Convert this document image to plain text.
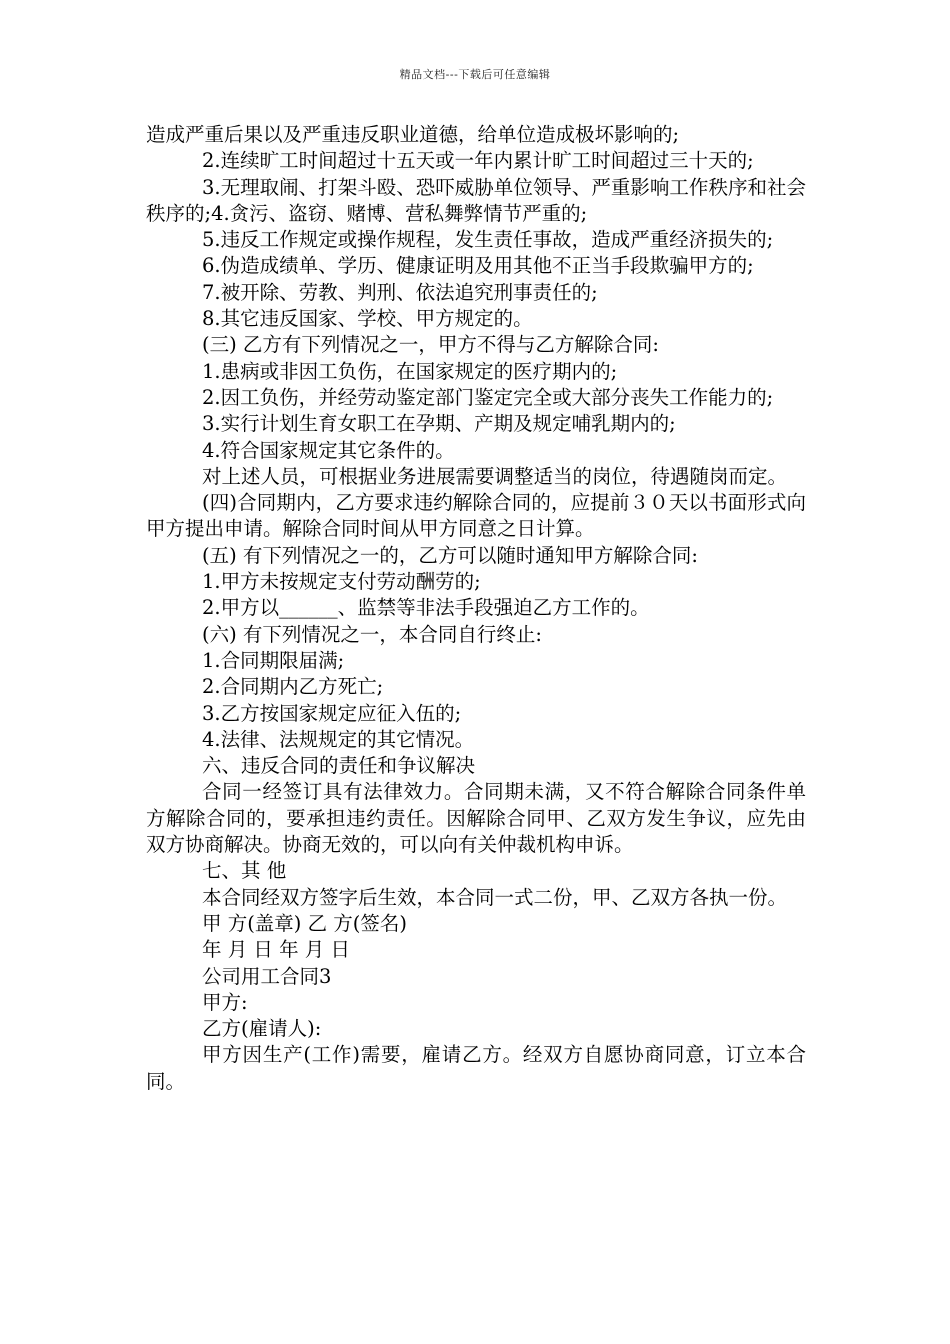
精品文档---下载后可任意编辑

造成严重后果以及严重违反职业道德，给单位造成极坏影响的;

2.连续旷工时间超过十五天或一年内累计旷工时间超过三十天的;

3.无理取闹、打架斗殴、恐吓威胁单位领导、严重影响工作秩序和社会秩序的;4.贪污、盗窃、赌博、营私舞弊情节严重的;

5.违反工作规定或操作规程，发生责任事故，造成严重经济损失的;

6.伪造成绩单、学历、健康证明及用其他不正当手段欺骗甲方的;

7.被开除、劳教、判刑、依法追究刑事责任的;

8.其它违反国家、学校、甲方规定的。

(三) 乙方有下列情况之一，甲方不得与乙方解除合同:

1.患病或非因工负伤，在国家规定的医疗期内的;

2.因工负伤，并经劳动鉴定部门鉴定完全或大部分丧失工作能力的;

3.实行计划生育女职工在孕期、产期及规定哺乳期内的;

4.符合国家规定其它条件的。

对上述人员，可根据业务进展需要调整适当的岗位，待遇随岗而定。

(四)合同期内，乙方要求违约解除合同的，应提前３０天以书面形式向甲方提出申请。解除合同时间从甲方同意之日计算。

(五) 有下列情况之一的，乙方可以随时通知甲方解除合同:

1.甲方未按规定支付劳动酬劳的;

2.甲方以______、监禁等非法手段强迫乙方工作的。

(六) 有下列情况之一，本合同自行终止:

1.合同期限届满;

2.合同期内乙方死亡;

3.乙方按国家规定应征入伍的;

4.法律、法规规定的其它情况。

六、违反合同的责任和争议解决

合同一经签订具有法律效力。合同期未满，又不符合解除合同条件单方解除合同的，要承担违约责任。因解除合同甲、乙双方发生争议，应先由双方协商解决。协商无效的，可以向有关仲裁机构申诉。

七、其 他

本合同经双方签字后生效，本合同一式二份，甲、乙双方各执一份。

甲 方(盖章) 乙 方(签名)

年 月 日 年 月 日

公司用工合同3

甲方:

乙方(雇请人):

甲方因生产(工作)需要，雇请乙方。经双方自愿协商同意，订立本合同。
